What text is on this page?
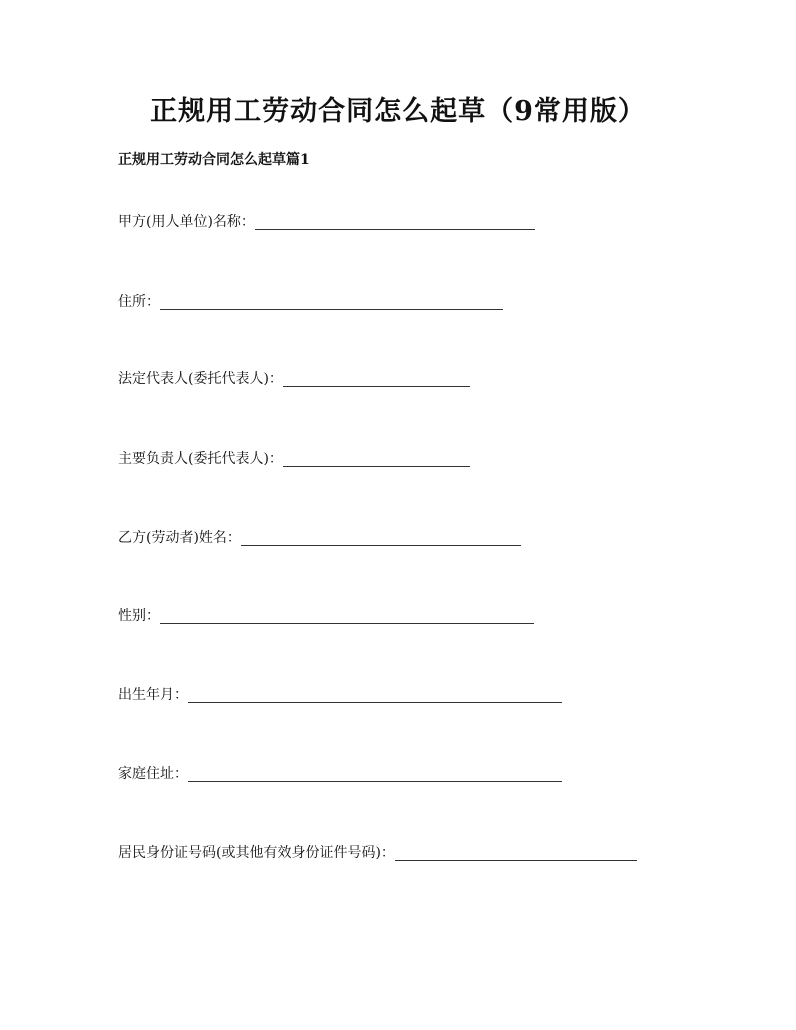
正规用工劳动合同怎么起草（9常用版）
正规用工劳动合同怎么起草篇1
甲方(用人单位)名称：
住所：
法定代表人(委托代表人)：
主要负责人(委托代表人)：
乙方(劳动者)姓名：
性别：
出生年月：
家庭住址：
居民身份证号码(或其他有效身份证件号码)：
